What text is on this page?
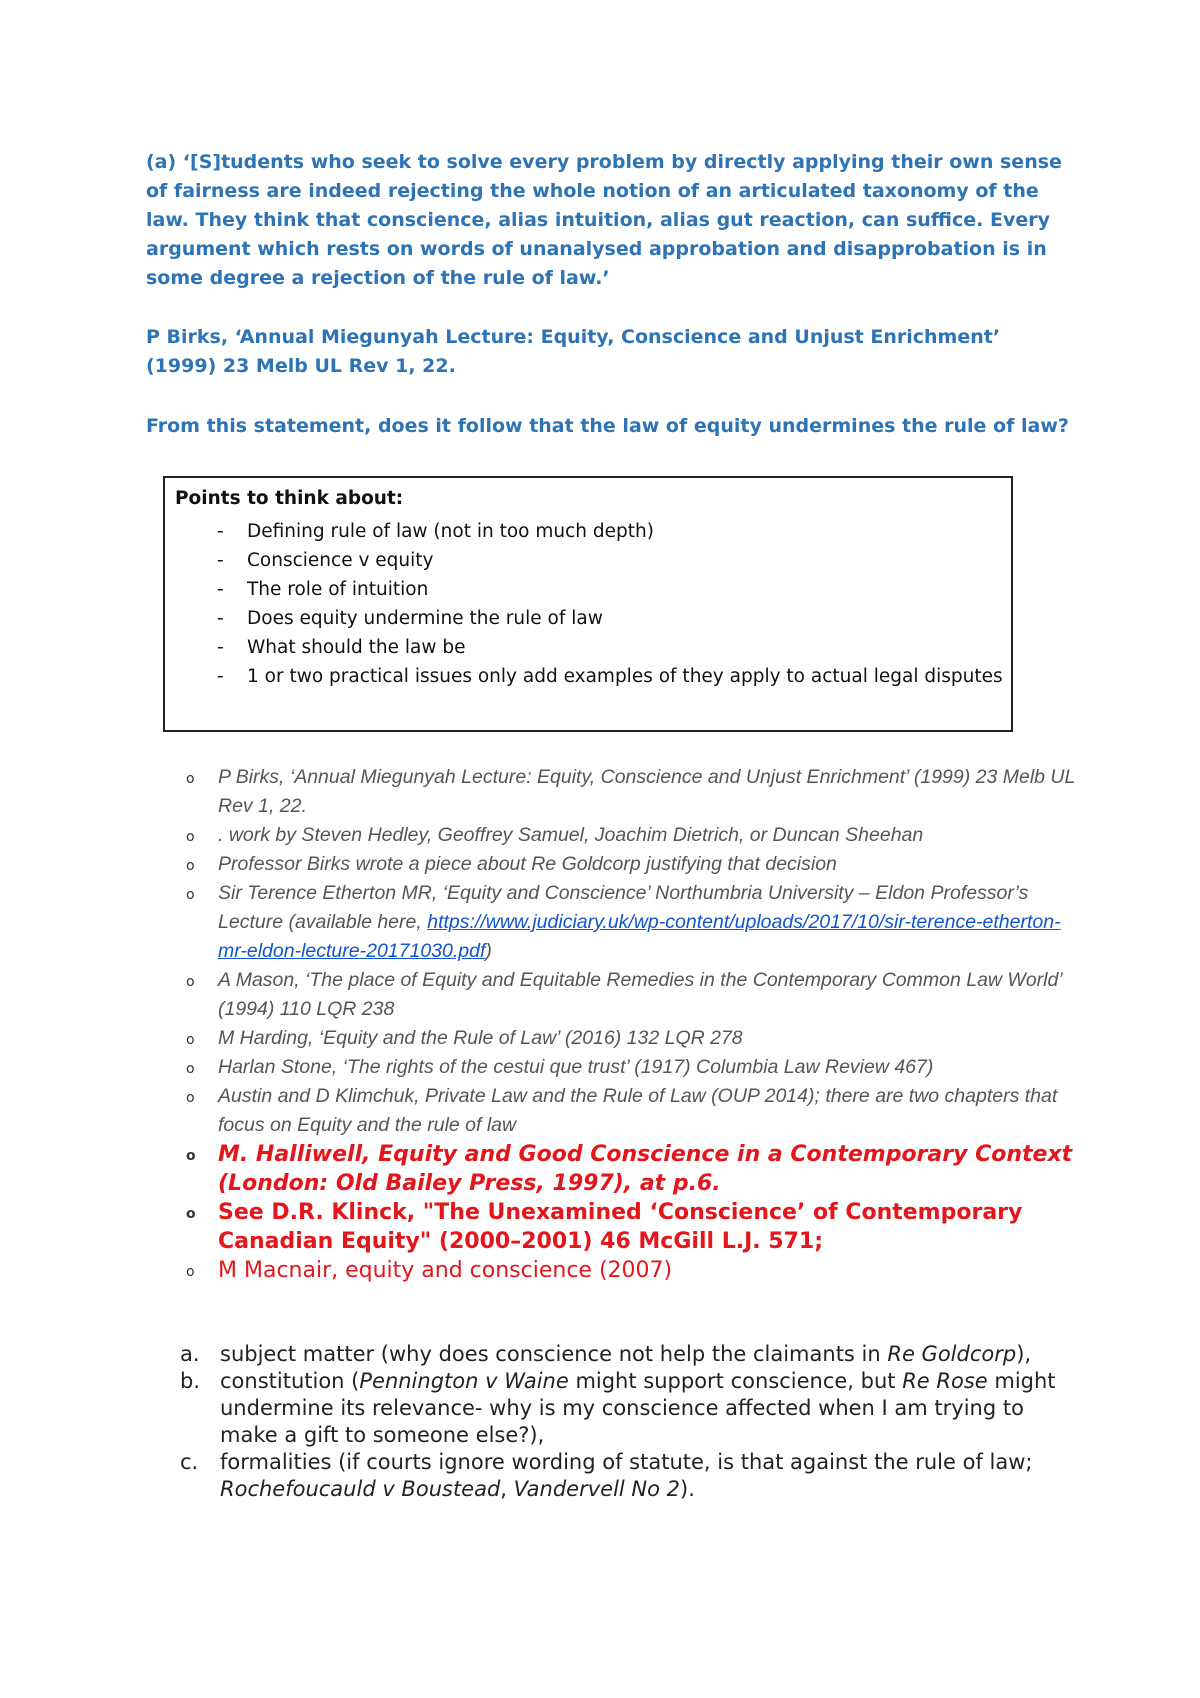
(a) ‘[S]tudents who seek to solve every problem by directly applying their own sense of fairness are indeed rejecting the whole notion of an articulated taxonomy of the law. They think that conscience, alias intuition, alias gut reaction, can suffice. Every argument which rests on words of unanalysed approbation and disapprobation is in some degree a rejection of the rule of law.’

P Birks, ‘Annual Miegunyah Lecture: Equity, Conscience and Unjust Enrichment’ (1999) 23 Melb UL Rev 1, 22.

From this statement, does it follow that the law of equity undermines the rule of law?

Points to think about:

- Defining rule of law (not in too much depth)
- Conscience v equity
- The role of intuition
- Does equity undermine the rule of law
- What should the law be
- 1 or two practical issues only add examples of they apply to actual legal disputes
o P Birks, ‘Annual Miegunyah Lecture: Equity, Conscience and Unjust Enrichment’ (1999) 23 Melb UL Rev 1, 22.
o . work by Steven Hedley, Geoffrey Samuel, Joachim Dietrich, or Duncan Sheehan
o Professor Birks wrote a piece about Re Goldcorp justifying that decision
o Sir Terence Etherton MR, ‘Equity and Conscience’ Northumbria University – Eldon Professor’s Lecture (available here, https://www.judiciary.uk/wp-content/uploads/2017/10/sir-terence-etherton-mr-eldon-lecture-20171030.pdf)
o A Mason, ‘The place of Equity and Equitable Remedies in the Contemporary Common Law World’ (1994) 110 LQR 238
o M Harding, ‘Equity and the Rule of Law’ (2016) 132 LQR 278
o Harlan Stone, ‘The rights of the cestui que trust’ (1917) Columbia Law Review 467)
o Austin and D Klimchuk, Private Law and the Rule of Law (OUP 2014); there are two chapters that focus on Equity and the rule of law
o M. Halliwell, Equity and Good Conscience in a Contemporary Context (London: Old Bailey Press, 1997), at p.6.
o See D.R. Klinck, "The Unexamined ‘Conscience’ of Contemporary Canadian Equity" (2000–2001) 46 McGill L.J. 571;
o M Macnair, equity and conscience (2007)
a. subject matter (why does conscience not help the claimants in Re Goldcorp),
b. constitution (Pennington v Waine might support conscience, but Re Rose might undermine its relevance- why is my conscience affected when I am trying to make a gift to someone else?),
c. formalities (if courts ignore wording of statute, is that against the rule of law; Rochefoucauld v Boustead, Vandervell No 2).
